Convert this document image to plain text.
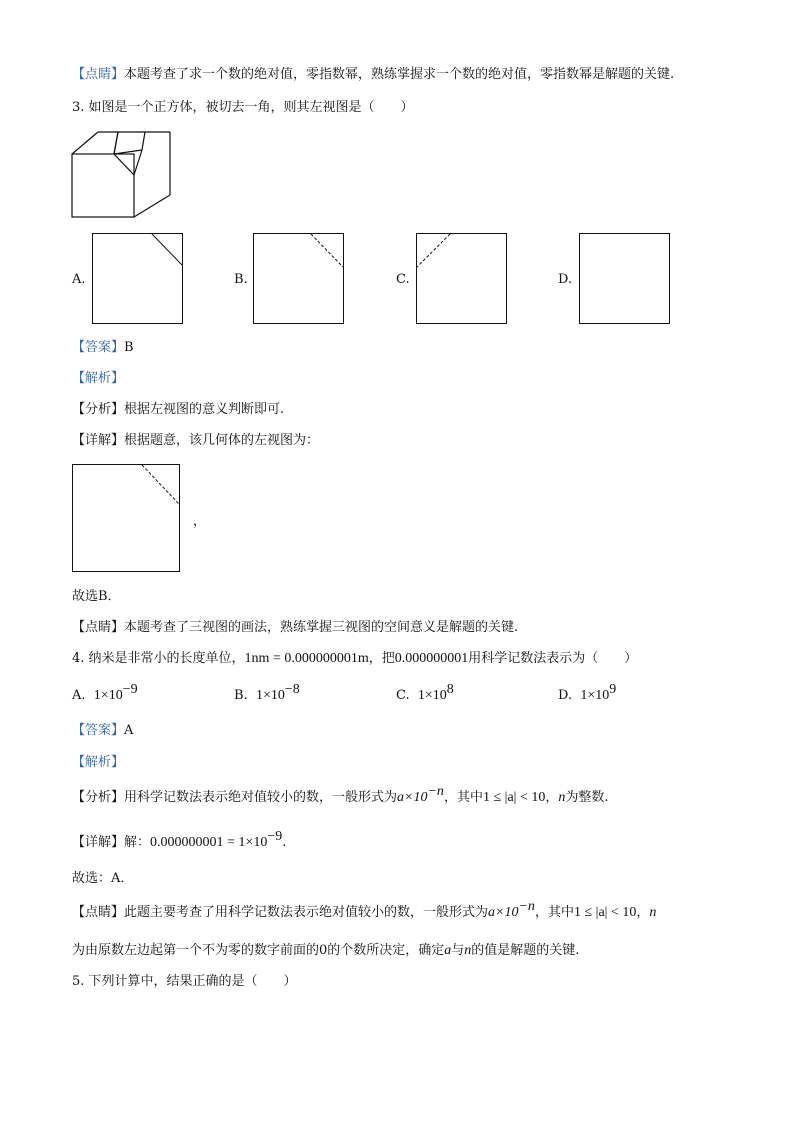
【点睛】本题考查了求一个数的绝对值，零指数幂，熟练掌握求一个数的绝对值，零指数幂是解题的关键.
3. 如图是一个正方体，被切去一角，则其左视图是（　　）
A.	B.	C.	D.
【答案】B
【解析】
【分析】根据左视图的意义判断即可.
【详解】根据题意，该几何体的左视图为：
，
故选B．
【点睛】本题考查了三视图的画法，熟练掌握三视图的空间意义是解题的关键.
4. 纳米是非常小的长度单位，1nm = 0.000000001m，把0.000000001用科学记数法表示为（　　）
A. $1\times 10^{-9}$	B. $1\times 10^{-8}$	C. $1\times 10^8$	D. $1\times 10^9$
【答案】A
【解析】
【分析】用科学记数法表示绝对值较小的数，一般形式为$a\times 10^{-n}$，其中1 ≤ |a| < 10，n为整数.
【详解】解：$0.000000001 = 1\times 10^{-9}$.
故选：A．
【点睛】此题主要考查了用科学记数法表示绝对值较小的数，一般形式为$a\times 10^{-n}$，其中1 ≤ |a| < 10，n
为由原数左边起第一个不为零的数字前面的0的个数所决定，确定a与n的值是解题的关键.
5. 下列计算中，结果正确的是（　　）
